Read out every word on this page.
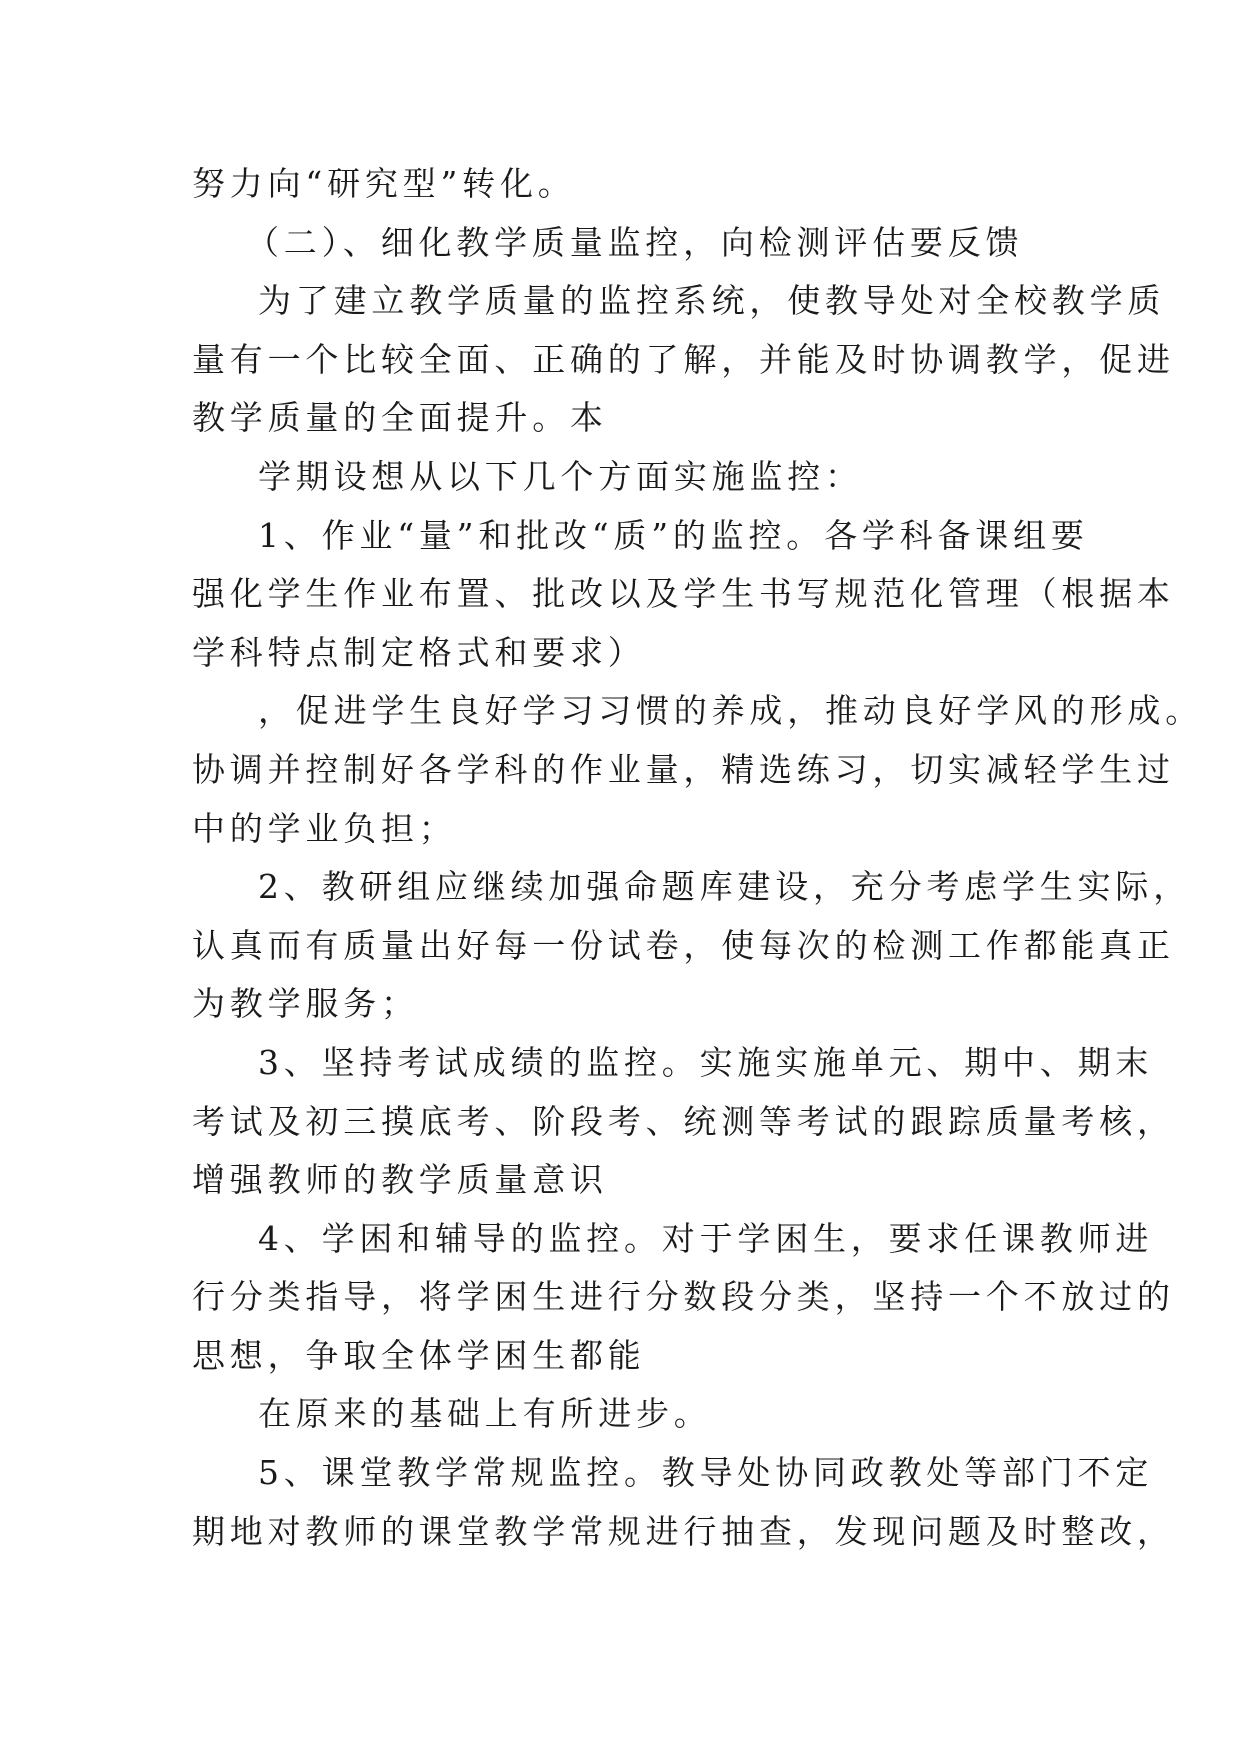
努力向“研究型”转化。
（二）、细化教学质量监控，向检测评估要反馈
为了建立教学质量的监控系统，使教导处对全校教学质
量有一个比较全面、正确的了解，并能及时协调教学，促进
教学质量的全面提升。本
学期设想从以下几个方面实施监控：
1、作业“量”和批改“质”的监控。各学科备课组要
强化学生作业布置、批改以及学生书写规范化管理（根据本
学科特点制定格式和要求）
，促进学生良好学习习惯的养成，推动良好学风的形成。
协调并控制好各学科的作业量，精选练习，切实减轻学生过
中的学业负担；
2、教研组应继续加强命题库建设，充分考虑学生实际，
认真而有质量出好每一份试卷，使每次的检测工作都能真正
为教学服务；
3、坚持考试成绩的监控。实施实施单元、期中、期末
考试及初三摸底考、阶段考、统测等考试的跟踪质量考核，
增强教师的教学质量意识
4、学困和辅导的监控。对于学困生，要求任课教师进
行分类指导，将学困生进行分数段分类，坚持一个不放过的
思想，争取全体学困生都能
在原来的基础上有所进步。
5、课堂教学常规监控。教导处协同政教处等部门不定
期地对教师的课堂教学常规进行抽查，发现问题及时整改，
